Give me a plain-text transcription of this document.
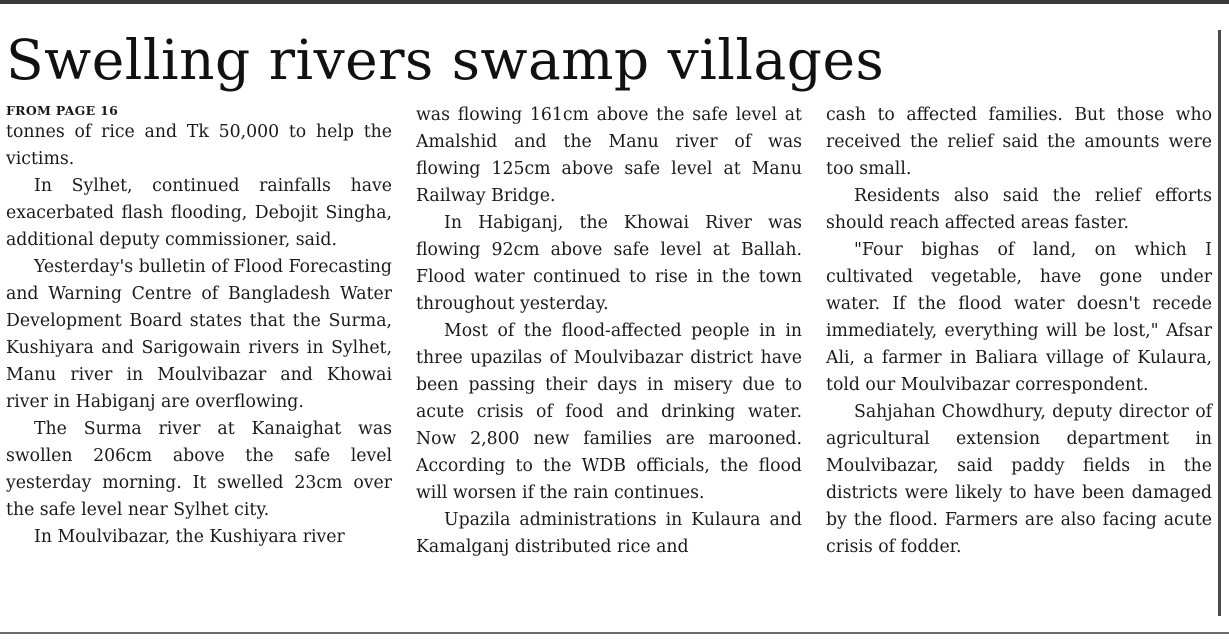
Swelling rivers swamp villages

FROM PAGE 16

tonnes of rice and Tk 50,000 to help the victims.

In Sylhet, continued rainfalls have exacerbated flash flooding, Debojit Singha, additional deputy commissioner, said.

Yesterday's bulletin of Flood Forecasting and Warning Centre of Bangladesh Water Development Board states that the Surma, Kushiyara and Sarigowain rivers in Sylhet, Manu river in Moulvibazar and Khowai river in Habiganj are overflowing.

The Surma river at Kanaighat was swollen 206cm above the safe level yesterday morning. It swelled 23cm over the safe level near Sylhet city.

In Moulvibazar, the Kushiyara river

was flowing 161cm above the safe level at Amalshid and the Manu river of was flowing 125cm above safe level at Manu Railway Bridge.

In Habiganj, the Khowai River was flowing 92cm above safe level at Ballah. Flood water continued to rise in the town throughout yesterday.

Most of the flood-affected people in in three upazilas of Moulvibazar district have been passing their days in misery due to acute crisis of food and drinking water. Now 2,800 new families are marooned. According to the WDB officials, the flood will worsen if the rain continues.

Upazila administrations in Kulaura and Kamalganj distributed rice and

cash to affected families. But those who received the relief said the amounts were too small.

Residents also said the relief efforts should reach affected areas faster.

"Four bighas of land, on which I cultivated vegetable, have gone under water. If the flood water doesn't recede immediately, everything will be lost," Afsar Ali, a farmer in Baliara village of Kulaura, told our Moulvibazar correspondent.

Sahjahan Chowdhury, deputy director of agricultural extension department in Moulvibazar, said paddy fields in the districts were likely to have been damaged by the flood. Farmers are also facing acute crisis of fodder.
